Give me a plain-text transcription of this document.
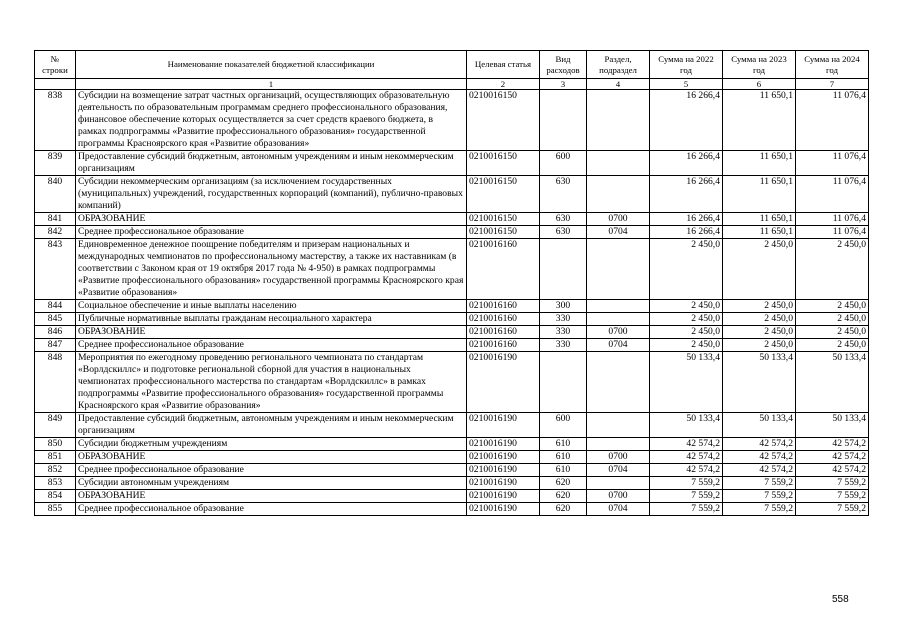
№ строки	Наименование показателей бюджетной классификации	Целевая статья	Вид расходов	Раздел, подраздел	Сумма на 2022 год	Сумма на 2023 год	Сумма на 2024 год
	1	2	3	4	5	6	7
838	Субсидии на возмещение затрат частных организаций, осуществляющих образовательную деятельность по образовательным программам среднего профессионального образования, финансовое обеспечение которых осуществляется за счет средств краевого бюджета, в рамках подпрограммы «Развитие профессионального образования» государственной программы Красноярского края «Развитие образования»	0210016150			16 266,4	11 650,1	11 076,4
839	Предоставление субсидий бюджетным, автономным учреждениям и иным некоммерческим организациям	0210016150	600		16 266,4	11 650,1	11 076,4
840	Субсидии некоммерческим организациям (за исключением государственных (муниципальных) учреждений, государственных корпораций (компаний), публично-правовых компаний)	0210016150	630		16 266,4	11 650,1	11 076,4
841	ОБРАЗОВАНИЕ	0210016150	630	0700	16 266,4	11 650,1	11 076,4
842	Среднее профессиональное образование	0210016150	630	0704	16 266,4	11 650,1	11 076,4
843	Единовременное денежное поощрение победителям и призерам национальных и международных чемпионатов по профессиональному мастерству, а также их наставникам (в соответствии с Законом края от 19 октября 2017 года № 4-950) в рамках подпрограммы «Развитие профессионального образования» государственной программы Красноярского края «Развитие образования»	0210016160			2 450,0	2 450,0	2 450,0
844	Социальное обеспечение и иные выплаты населению	0210016160	300		2 450,0	2 450,0	2 450,0
845	Публичные нормативные выплаты гражданам несоциального характера	0210016160	330		2 450,0	2 450,0	2 450,0
846	ОБРАЗОВАНИЕ	0210016160	330	0700	2 450,0	2 450,0	2 450,0
847	Среднее профессиональное образование	0210016160	330	0704	2 450,0	2 450,0	2 450,0
848	Мероприятия по ежегодному проведению регионального чемпионата по стандартам «Ворлдскиллс» и подготовке региональной сборной для участия в национальных чемпионатах профессионального мастерства по стандартам «Ворлдскиллс» в рамках подпрограммы «Развитие профессионального образования» государственной программы Красноярского края «Развитие образования»	0210016190			50 133,4	50 133,4	50 133,4
849	Предоставление субсидий бюджетным, автономным учреждениям и иным некоммерческим организациям	0210016190	600		50 133,4	50 133,4	50 133,4
850	Субсидии бюджетным учреждениям	0210016190	610		42 574,2	42 574,2	42 574,2
851	ОБРАЗОВАНИЕ	0210016190	610	0700	42 574,2	42 574,2	42 574,2
852	Среднее профессиональное образование	0210016190	610	0704	42 574,2	42 574,2	42 574,2
853	Субсидии автономным учреждениям	0210016190	620		7 559,2	7 559,2	7 559,2
854	ОБРАЗОВАНИЕ	0210016190	620	0700	7 559,2	7 559,2	7 559,2
855	Среднее профессиональное образование	0210016190	620	0704	7 559,2	7 559,2	7 559,2
558
